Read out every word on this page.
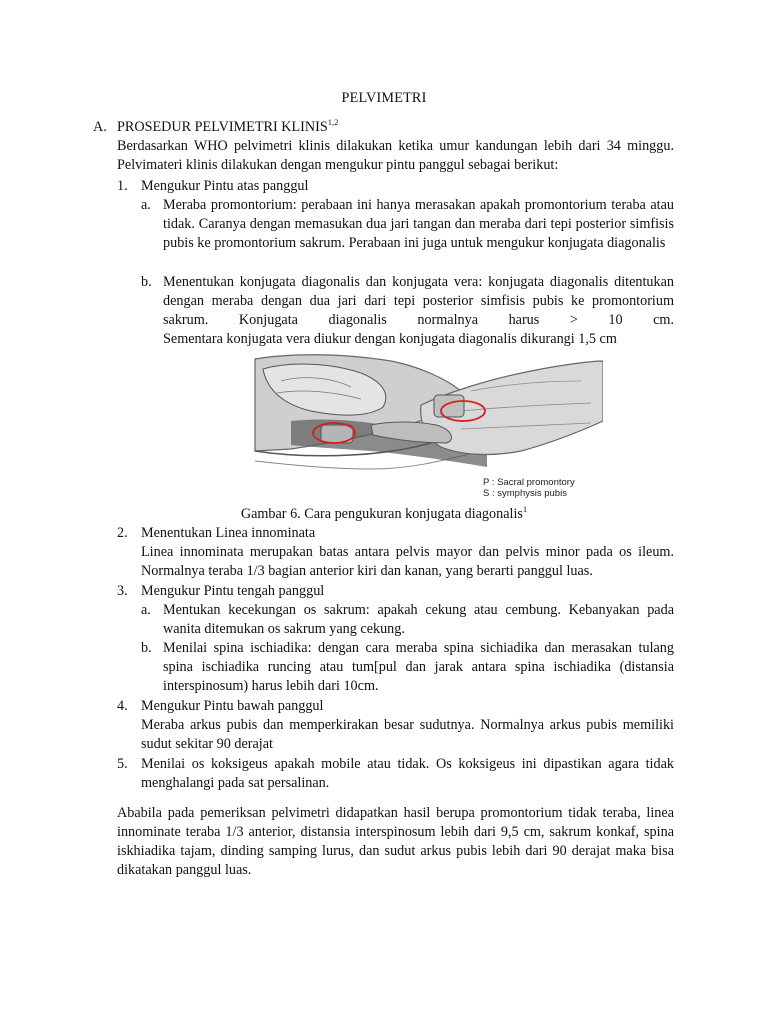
PELVIMETRI
A. PROSEDUR PELVIMETRI KLINIS$^{1,2}$
Berdasarkan WHO pelvimetri klinis dilakukan ketika umur kandungan lebih dari 34 minggu. Pelvimateri klinis dilakukan dengan mengukur pintu panggul sebagai berikut:
1. Mengukur Pintu atas panggul
a. Meraba promontorium: perabaan ini hanya merasakan apakah promontorium teraba atau tidak. Caranya dengan memasukan dua jari tangan dan meraba dari tepi posterior simfisis pubis ke promontorium sakrum. Perabaan ini juga untuk mengukur konjugata diagonalis
b. Menentukan konjugata diagonalis dan konjugata vera: konjugata diagonalis ditentukan dengan meraba dengan dua jari dari tepi posterior simfisis pubis ke promontorium sakrum. Konjugata diagonalis normalnya harus > 10 cm.
Sementara konjugata vera diukur dengan konjugata diagonalis dikurangi 1,5 cm
P : Sacral promontory
S : symphysis pubis
Gambar 6. Cara pengukuran konjugata diagonalis$^1$
2. Menentukan Linea innominata
Linea innominata merupakan batas antara pelvis mayor dan pelvis minor pada os ileum. Normalnya teraba 1/3 bagian anterior kiri dan kanan, yang berarti panggul luas.
3. Mengukur Pintu tengah panggul
a. Mentukan kecekungan os sakrum: apakah cekung atau cembung. Kebanyakan pada wanita ditemukan os sakrum yang cekung.
b. Menilai spina ischiadika: dengan cara meraba spina sichiadika dan merasakan tulang spina ischiadika runcing atau tum[pul dan jarak antara spina ischiadika (distansia interspinosum) harus lebih dari 10cm.
4. Mengukur Pintu bawah panggul
Meraba arkus pubis dan memperkirakan besar sudutnya. Normalnya arkus pubis memiliki sudut sekitar 90 derajat
5. Menilai os koksigeus apakah mobile atau tidak. Os koksigeus ini dipastikan agara tidak menghalangi pada sat persalinan.
Ababila pada pemeriksan pelvimetri didapatkan hasil berupa promontorium tidak teraba, linea innominate teraba 1/3 anterior, distansia interspinosum lebih dari 9,5 cm, sakrum konkaf, spina iskhiadika tajam, dinding samping lurus, dan sudut arkus pubis lebih dari 90 derajat maka bisa dikatakan panggul luas.
